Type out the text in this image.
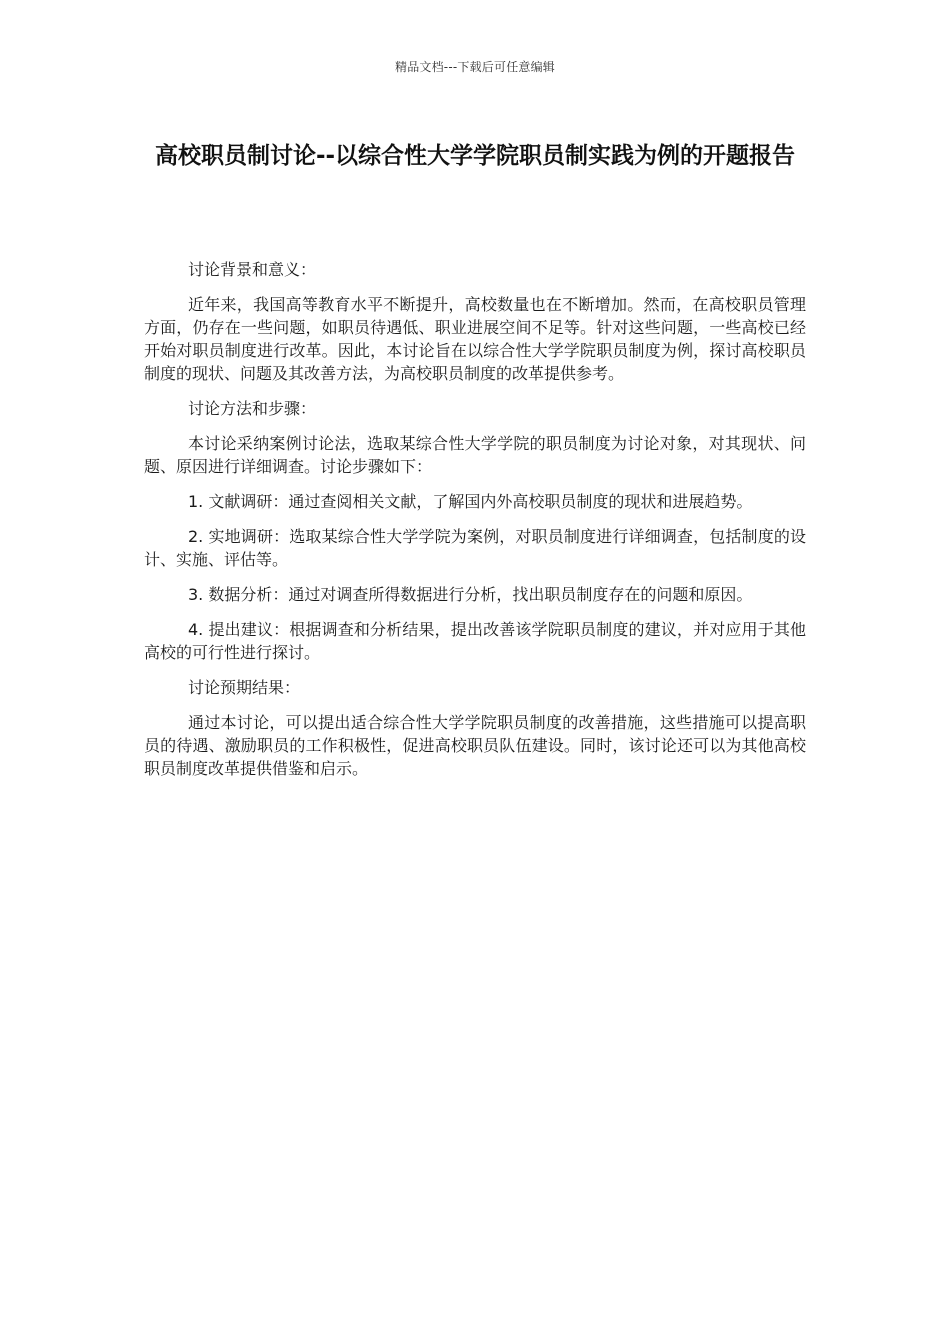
精品文档---下载后可任意编辑
高校职员制讨论--以综合性大学学院职员制实践为例的开题报告

讨论背景和意义：

近年来，我国高等教育水平不断提升，高校数量也在不断增加。然而，在高校职员管理方面，仍存在一些问题，如职员待遇低、职业进展空间不足等。针对这些问题，一些高校已经开始对职员制度进行改革。因此，本讨论旨在以综合性大学学院职员制度为例，探讨高校职员制度的现状、问题及其改善方法，为高校职员制度的改革提供参考。

讨论方法和步骤：

本讨论采纳案例讨论法，选取某综合性大学学院的职员制度为讨论对象，对其现状、问题、原因进行详细调查。讨论步骤如下：

1. 文献调研：通过查阅相关文献，了解国内外高校职员制度的现状和进展趋势。

2. 实地调研：选取某综合性大学学院为案例，对职员制度进行详细调查，包括制度的设计、实施、评估等。

3. 数据分析：通过对调查所得数据进行分析，找出职员制度存在的问题和原因。

4. 提出建议：根据调查和分析结果，提出改善该学院职员制度的建议，并对应用于其他高校的可行性进行探讨。

讨论预期结果：

通过本讨论，可以提出适合综合性大学学院职员制度的改善措施，这些措施可以提高职员的待遇、激励职员的工作积极性，促进高校职员队伍建设。同时，该讨论还可以为其他高校职员制度改革提供借鉴和启示。
